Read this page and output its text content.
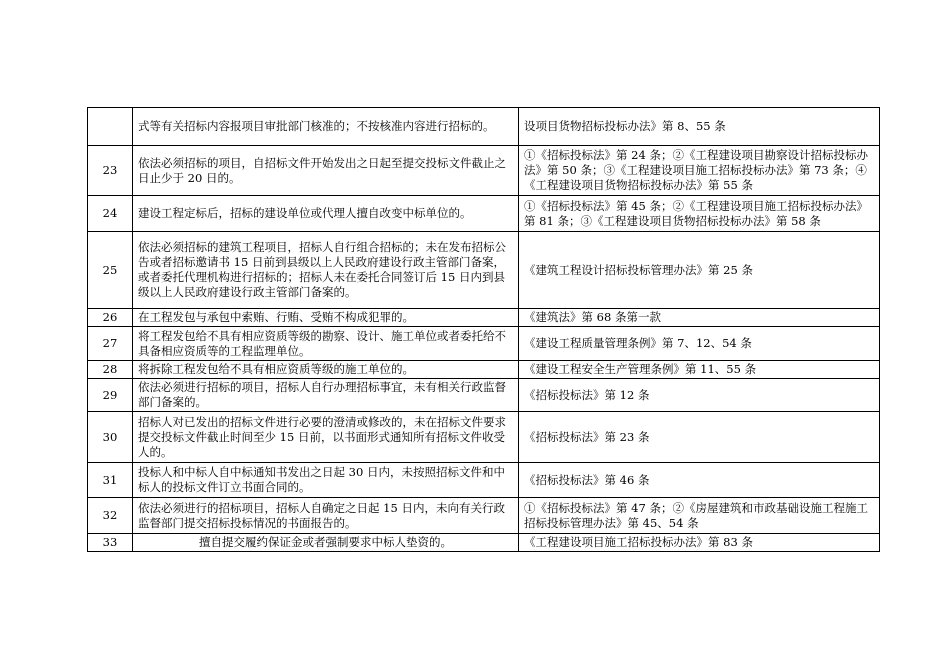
	式等有关招标内容报项目审批部门核准的；不按核准内容进行招标的。	设项目货物招标投标办法》第 8、55 条
23	依法必须招标的项目，自招标文件开始发出之日起至提交投标文件截止之日止少于 20 日的。	①《招标投标法》第 24 条；②《工程建设项目勘察设计招标投标办法》第 50 条；③《工程建设项目施工招标投标办法》第 73 条；④《工程建设项目货物招标投标办法》第 55 条
24	建设工程定标后，招标的建设单位或代理人擅自改变中标单位的。	①《招标投标法》第 45 条；②《工程建设项目施工招标投标办法》第 81 条；③《工程建设项目货物招标投标办法》第 58 条
25	依法必须招标的建筑工程项目，招标人自行组合招标的；未在发布招标公告或者招标邀请书 15 日前到县级以上人民政府建设行政主管部门备案，或者委托代理机构进行招标的；招标人未在委托合同签订后 15 日内到县级以上人民政府建设行政主管部门备案的。	《建筑工程设计招标投标管理办法》第 25 条
26	在工程发包与承包中索贿、行贿、受贿不构成犯罪的。	《建筑法》第 68 条第一款
27	将工程发包给不具有相应资质等级的勘察、设计、施工单位或者委托给不具备相应资质等的工程监理单位。	《建设工程质量管理条例》第 7、12、54 条
28	将拆除工程发包给不具有相应资质等级的施工单位的。	《建设工程安全生产管理条例》第 11、55 条
29	依法必须进行招标的项目，招标人自行办理招标事宜，未有相关行政监督部门备案的。	《招标投标法》第 12 条
30	招标人对已发出的招标文件进行必要的澄清或修改的，未在招标文件要求提交投标文件截止时间至少 15 日前，以书面形式通知所有招标文件收受人的。	《招标投标法》第 23 条
31	投标人和中标人自中标通知书发出之日起 30 日内，未按照招标文件和中标人的投标文件订立书面合同的。	《招标投标法》第 46 条
32	依法必须进行的招标项目，招标人自确定之日起 15 日内，未向有关行政监督部门提交招标投标情况的书面报告的。	①《招标投标法》第 47 条；②《房屋建筑和市政基础设施工程施工招标投标管理办法》第 45、54 条
33	擅自提交履约保证金或者强制要求中标人垫资的。	《工程建设项目施工招标投标办法》第 83 条
